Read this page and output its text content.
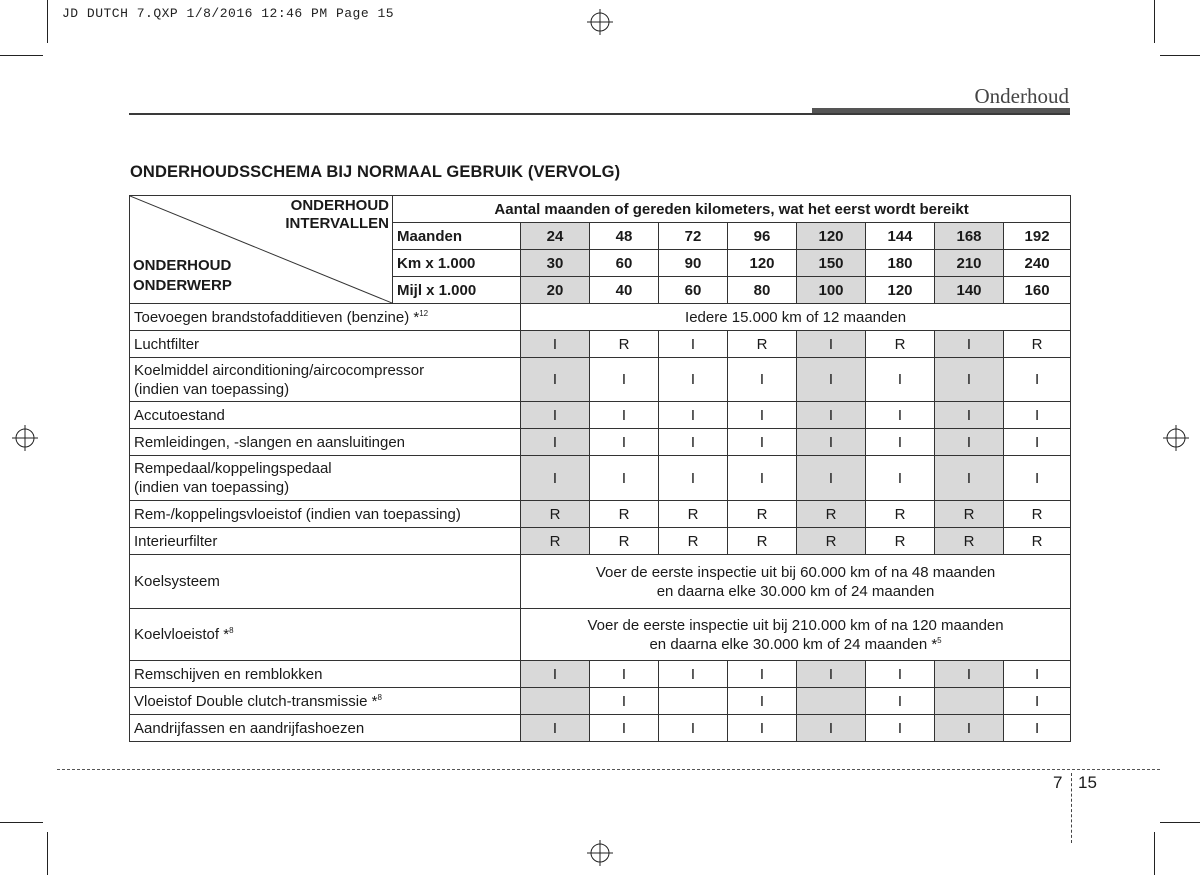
JD DUTCH 7.QXP 1/8/2016 12:46 PM Page 15
Onderhoud
ONDERHOUDSSCHEMA BIJ NORMAAL GEBRUIK (VERVOLG)
ONDERHOUD
INTERVALLEN
ONDERHOUD
ONDERWERP	Aantal maanden of gereden kilometers, wat het eerst wordt bereikt								
	Maanden	24	48	72	96	120	144	168	192
	Km x 1.000	30	60	90	120	150	180	210	240
	Mijl x 1.000	20	40	60	80	100	120	140	160
Toevoegen brandstofadditieven (benzine) *$^{12}$		Iedere 15.000 km of 12 maanden							
Luchtfilter		I	R	I	R	I	R	I	R

Koelmiddel airconditioning/aircocompressor
(indien van toepassing)		I	I	I	I	I	I	I	I
Accutoestand		I	I	I	I	I	I	I	I
Remleidingen, -slangen en aansluitingen		I	I	I	I	I	I	I	I

Rempedaal/koppelingspedaal
(indien van toepassing)		I	I	I	I	I	I	I	I
Rem-/koppelingsvloeistof (indien van toepassing)		R	R	R	R	R	R	R	R
Interieurfilter		R	R	R	R	R	R	R	R
Koelsysteem		Voer de eerste inspectie uit bij 60.000 km of na 48 maanden
en daarna elke 30.000 km of 24 maanden							

Koelvloeistof *$^8$		Voer de eerste inspectie uit bij 210.000 km of na 120 maanden
en daarna elke 30.000 km of 24 maanden *$^5$

Remschijven en remblokken		I	I	I	I	I	I	I	I
Vloeistof Double clutch-transmissie *$^8$			I		I		I		I
Aandrijfassen en aandrijfashoezen		I	I	I	I	I	I	I	I
7 15
